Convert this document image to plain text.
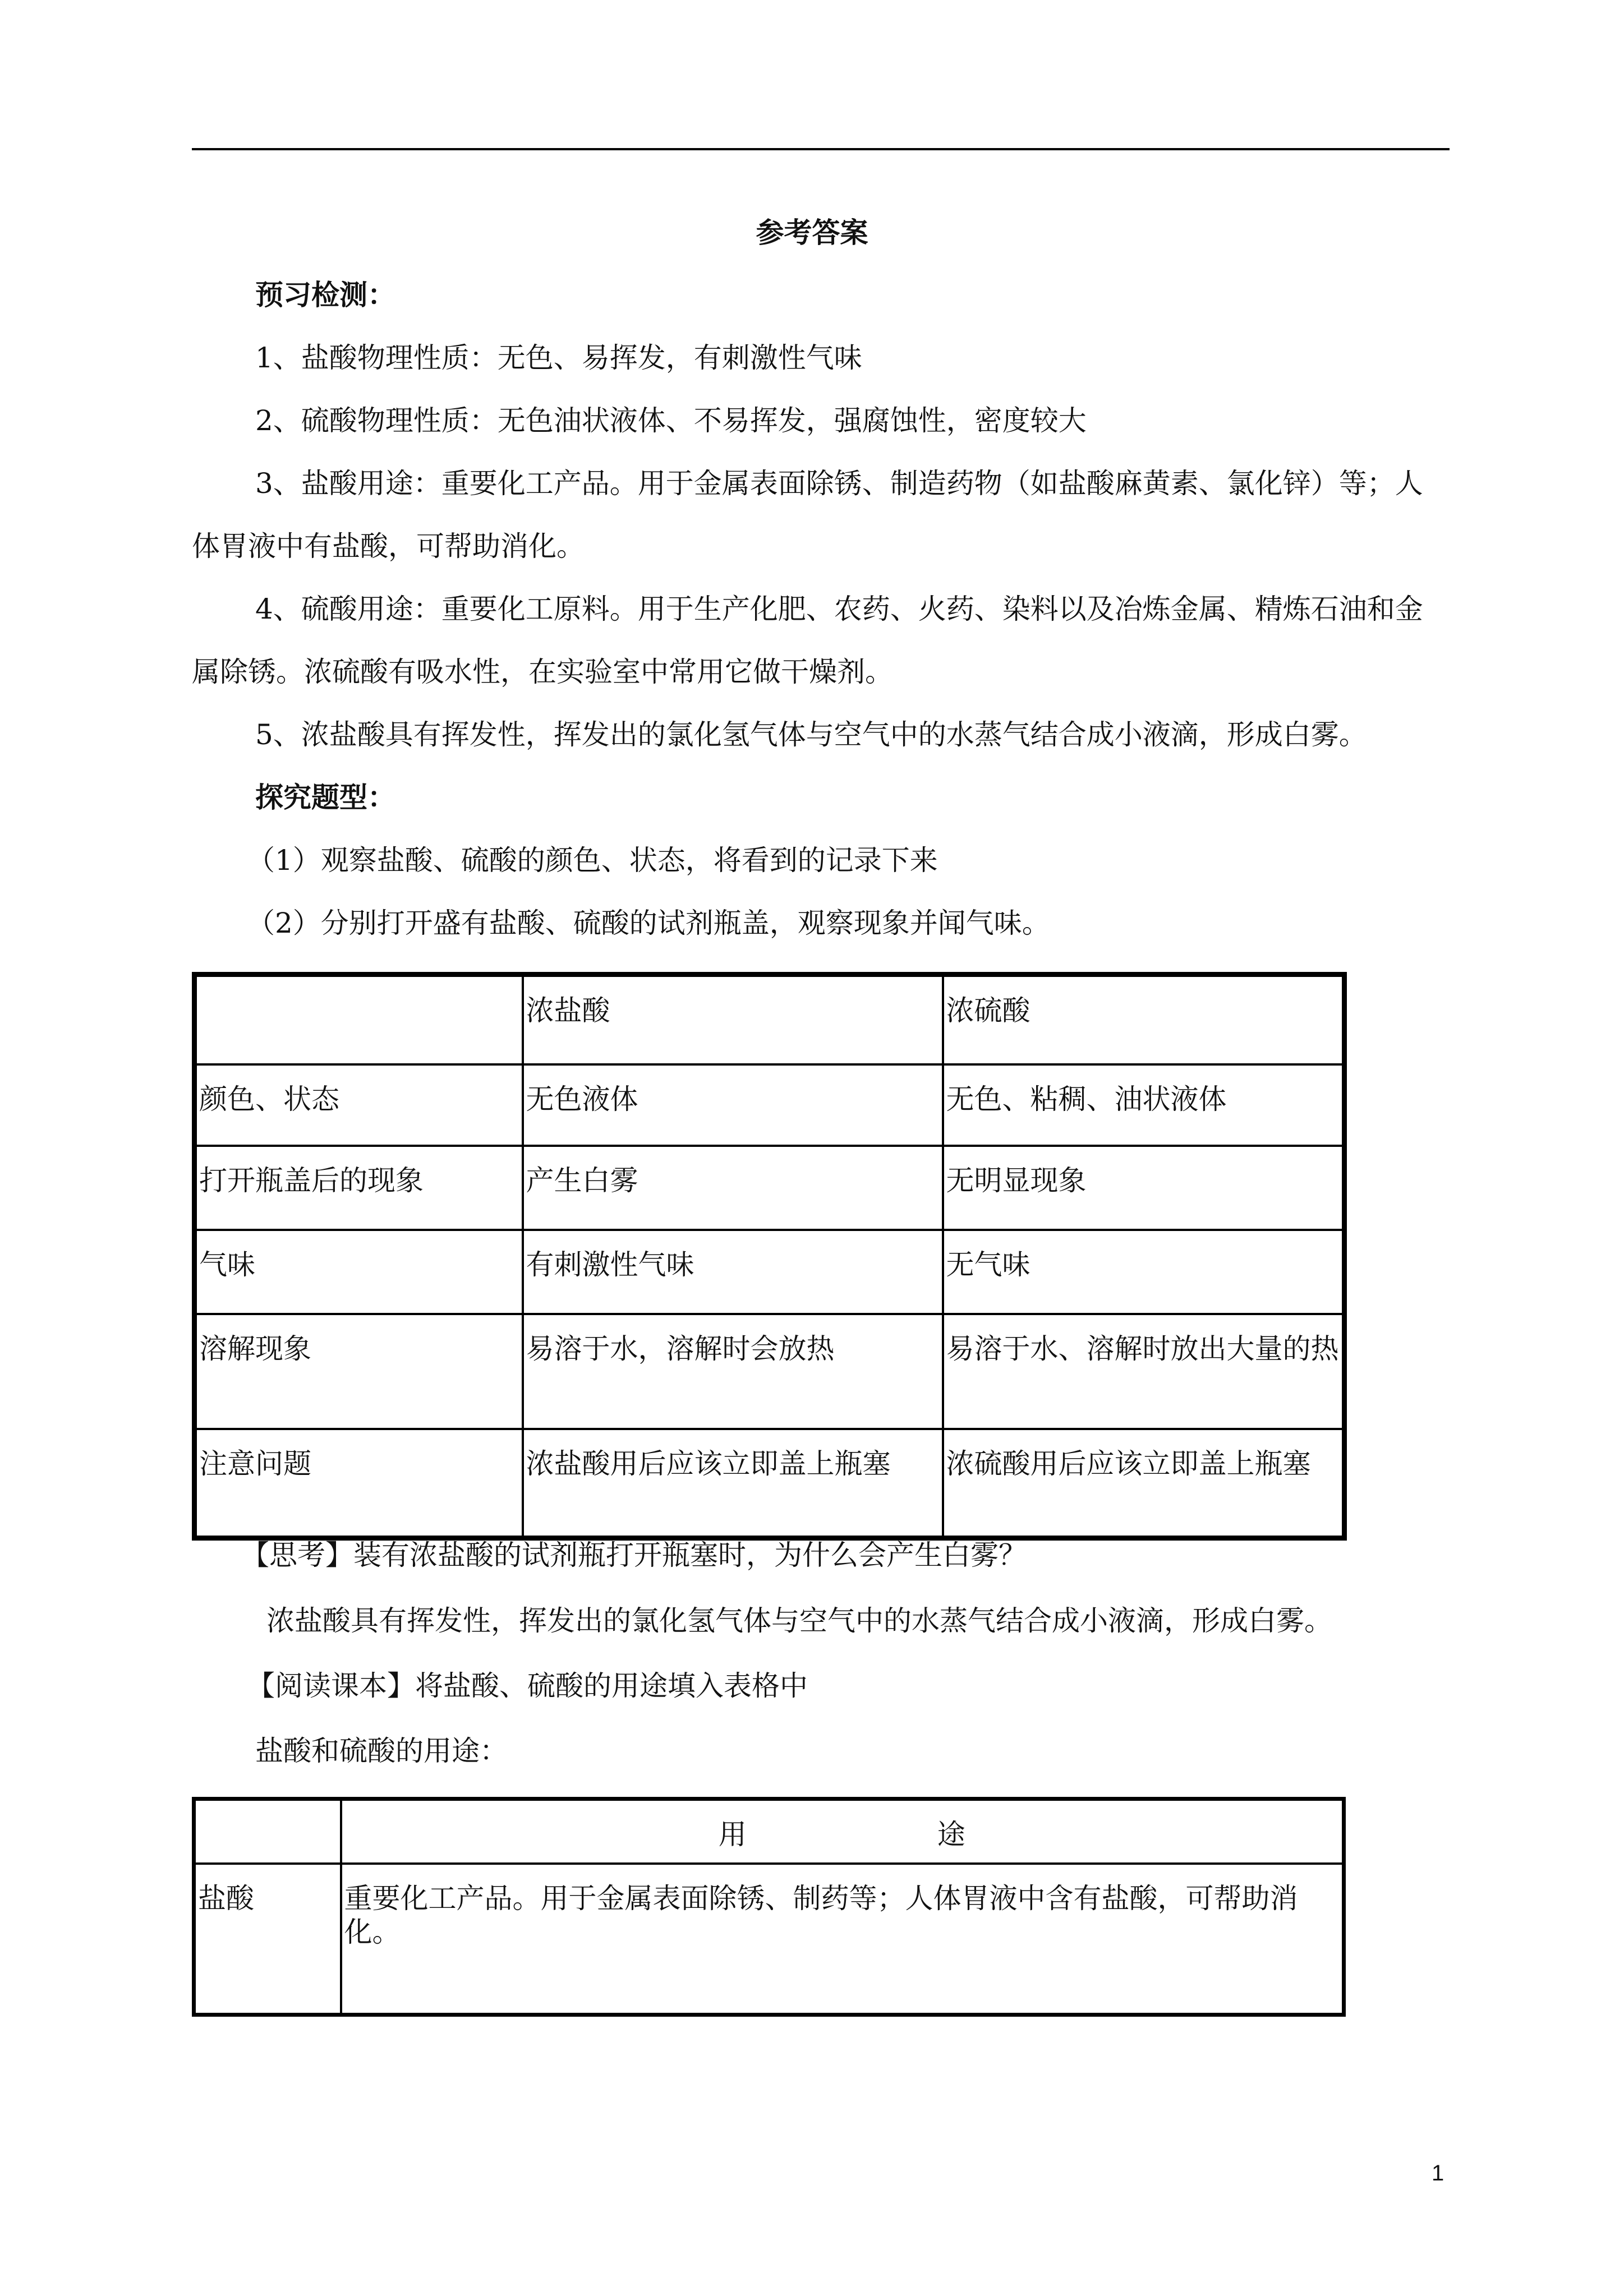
参考答案
预习检测：
1、盐酸物理性质：无色、易挥发，有刺激性气味
2、硫酸物理性质：无色油状液体、不易挥发，强腐蚀性，密度较大
3、盐酸用途：重要化工产品。用于金属表面除锈、制造药物（如盐酸麻黄素、氯化锌）等；人
体胃液中有盐酸，可帮助消化。
4、硫酸用途：重要化工原料。用于生产化肥、农药、火药、染料以及冶炼金属、精炼石油和金
属除锈。浓硫酸有吸水性，在实验室中常用它做干燥剂。
5、浓盐酸具有挥发性，挥发出的氯化氢气体与空气中的水蒸气结合成小液滴，形成白雾。
探究题型：
（1）观察盐酸、硫酸的颜色、状态，将看到的记录下来
（2）分别打开盛有盐酸、硫酸的试剂瓶盖，观察现象并闻气味。
	浓盐酸	浓硫酸
颜色、状态	无色液体	无色、粘稠、油状液体
打开瓶盖后的现象	产生白雾	无明显现象
气味	有刺激性气味	无气味
溶解现象	易溶于水，溶解时会放热	易溶于水、溶解时放出大量的热
注意问题	浓盐酸用后应该立即盖上瓶塞	浓硫酸用后应该立即盖上瓶塞
【思考】装有浓盐酸的试剂瓶打开瓶塞时，为什么会产生白雾？
浓盐酸具有挥发性，挥发出的氯化氢气体与空气中的水蒸气结合成小液滴，形成白雾。
【阅读课本】将盐酸、硫酸的用途填入表格中
盐酸和硫酸的用途：
	用 途
盐酸	重要化工产品。用于金属表面除锈、制药等；人体胃液中含有盐酸，可帮助消化。
1
